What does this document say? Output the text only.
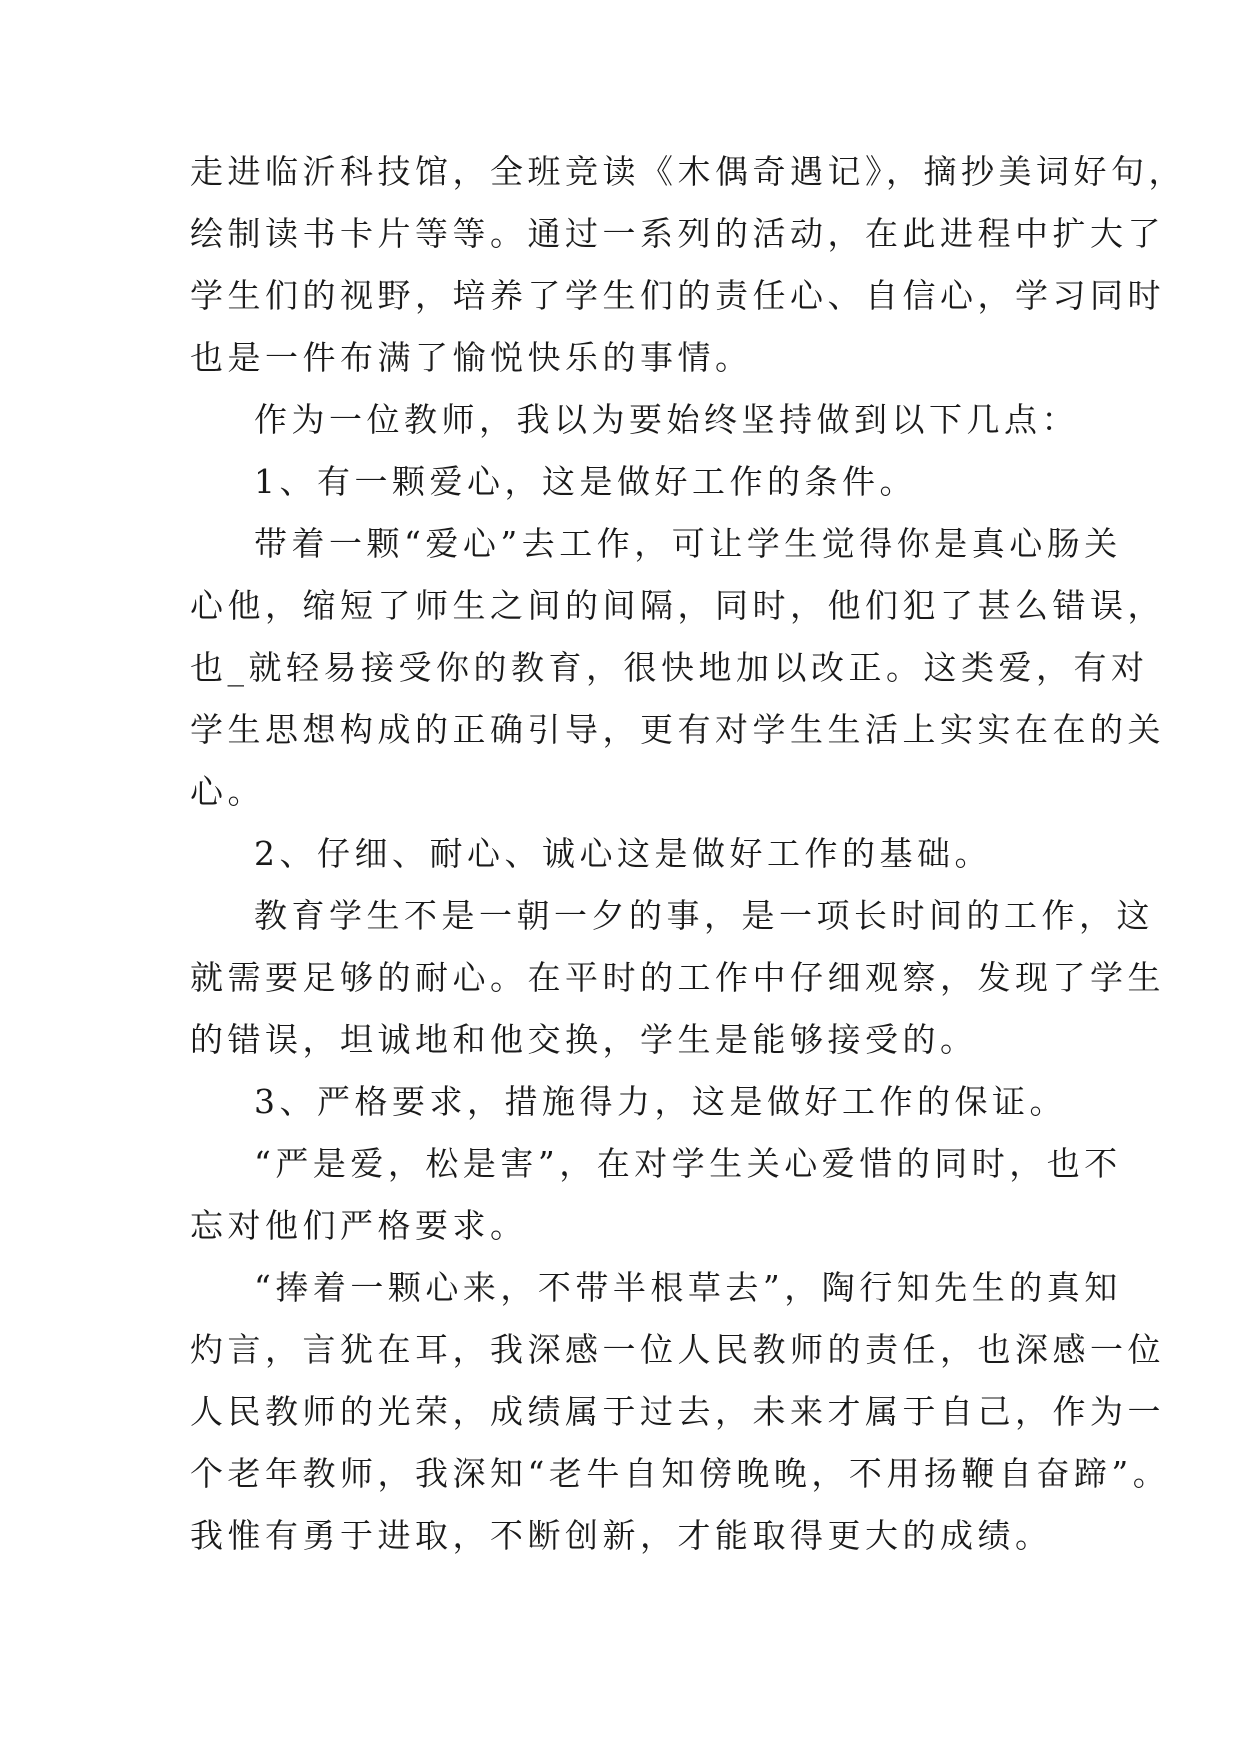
走进临沂科技馆，全班竞读《木偶奇遇记》，摘抄美词好句，
绘制读书卡片等等。通过一系列的活动，在此进程中扩大了
学生们的视野，培养了学生们的责任心、自信心，学习同时
也是一件布满了愉悦快乐的事情。
作为一位教师，我以为要始终坚持做到以下几点：
1、有一颗爱心，这是做好工作的条件。
带着一颗“爱心”去工作，可让学生觉得你是真心肠关
心他，缩短了师生之间的间隔，同时，他们犯了甚么错误，
也_就轻易接受你的教育，很快地加以改正。这类爱，有对
学生思想构成的正确引导，更有对学生生活上实实在在的关
心。
2、仔细、耐心、诚心这是做好工作的基础。
教育学生不是一朝一夕的事，是一项长时间的工作，这
就需要足够的耐心。在平时的工作中仔细观察，发现了学生
的错误，坦诚地和他交换，学生是能够接受的。
3、严格要求，措施得力，这是做好工作的保证。
“严是爱，松是害”，在对学生关心爱惜的同时，也不
忘对他们严格要求。
“捧着一颗心来，不带半根草去”，陶行知先生的真知
灼言，言犹在耳，我深感一位人民教师的责任，也深感一位
人民教师的光荣，成绩属于过去，未来才属于自己，作为一
个老年教师，我深知“老牛自知傍晚晚，不用扬鞭自奋蹄”。
我惟有勇于进取，不断创新，才能取得更大的成绩。
